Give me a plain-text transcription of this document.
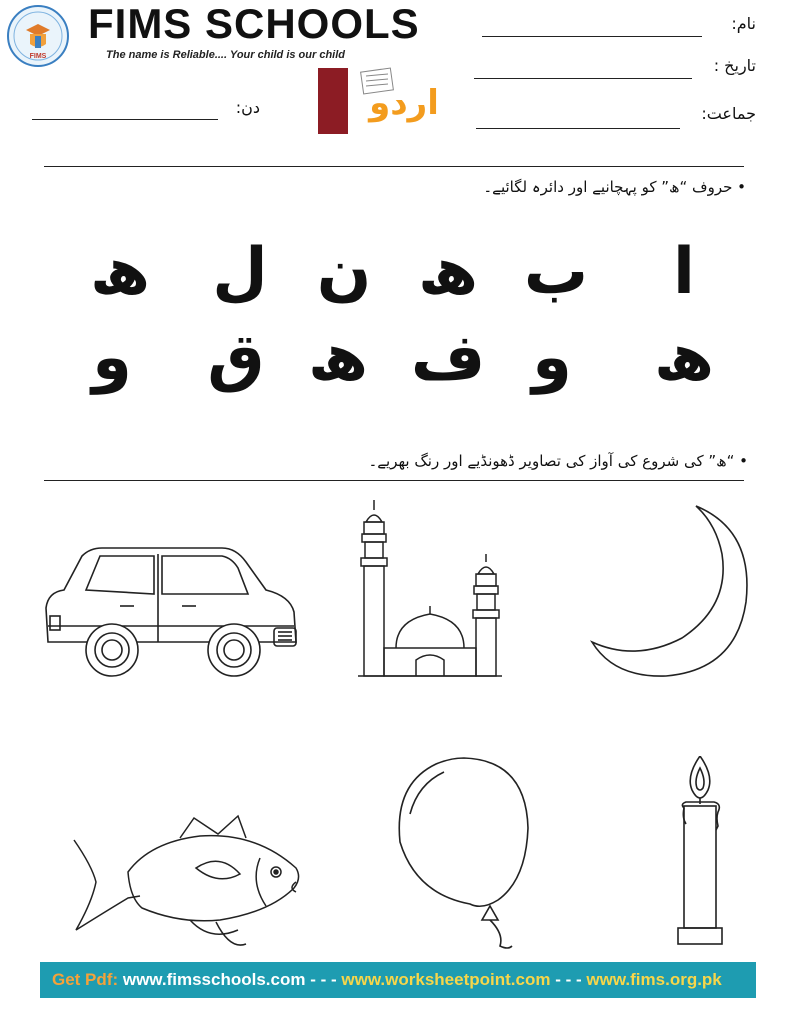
FIMS
FIMS SCHOOLS
The name is Reliable.... Your child is our child
اردو
نام:
تاریخ :
جماعت:
دن:
• حروف “ھ” کو پہچانیے اور دائرہ لگائیے۔
ا
ب
ھ
ن
ل
ھ
ھ
و
ف
ھ
ق
و
• “ھ” کی شروع کی آواز کی تصاویر ڈھونڈیے اور رنگ بھریے۔
Get Pdf: www.fimsschools.com - - - www.worksheetpoint.com - - - www.fims.org.pk
